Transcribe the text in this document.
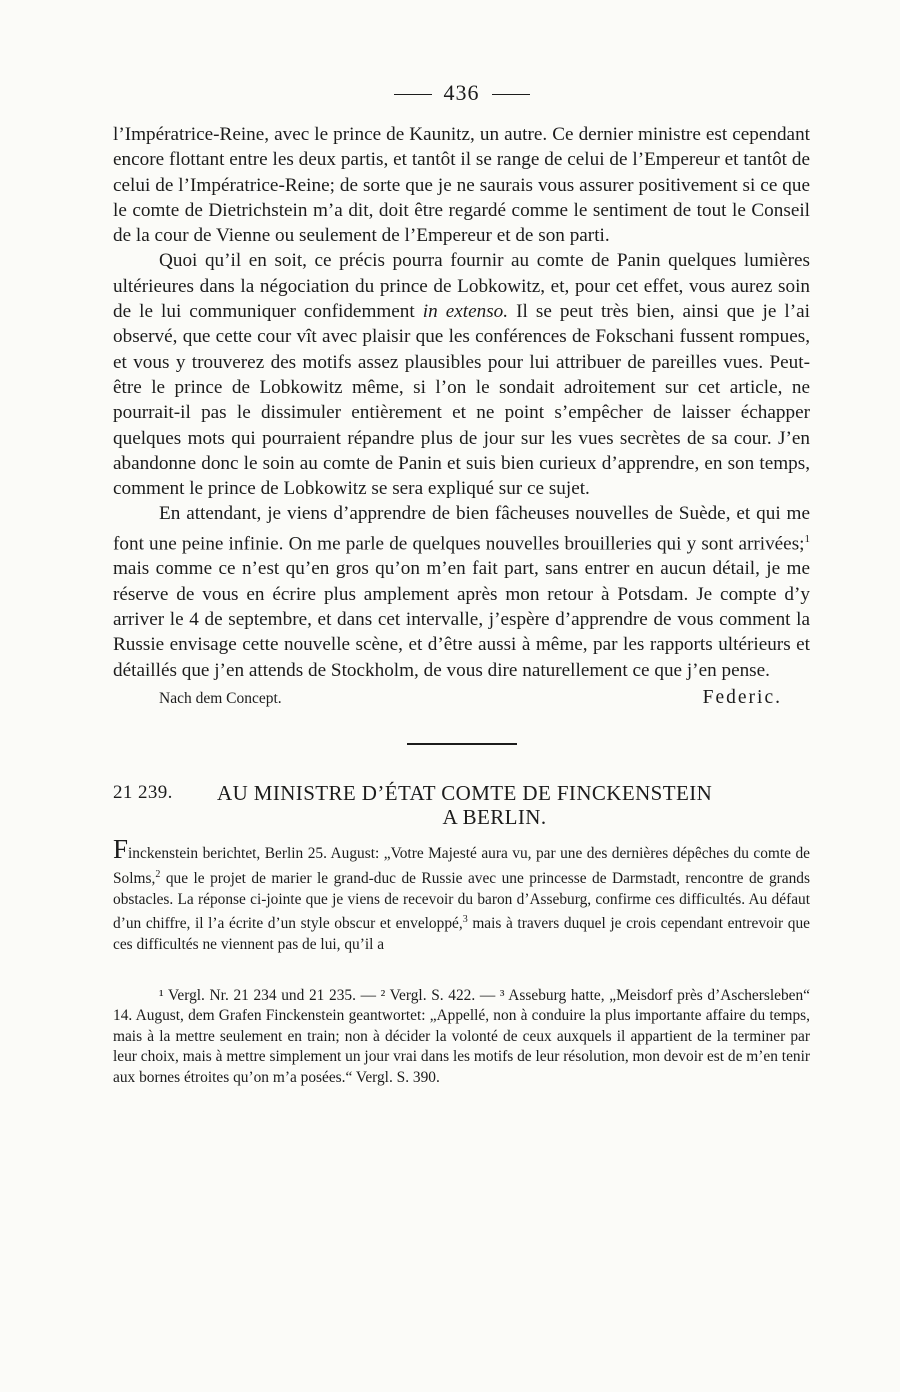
436

l’Impératrice-Reine, avec le prince de Kaunitz, un autre. Ce dernier ministre est cependant encore flottant entre les deux partis, et tantôt il se range de celui de l’Empereur et tantôt de celui de l’Impératrice-Reine; de sorte que je ne saurais vous assurer positivement si ce que le comte de Dietrichstein m’a dit, doit être regardé comme le sentiment de tout le Conseil de la cour de Vienne ou seulement de l’Empereur et de son parti.

Quoi qu’il en soit, ce précis pourra fournir au comte de Panin quelques lumières ultérieures dans la négociation du prince de Lobkowitz, et, pour cet effet, vous aurez soin de le lui communiquer confidemment in extenso. Il se peut très bien, ainsi que je l’ai observé, que cette cour vît avec plaisir que les conférences de Fokschani fussent rompues, et vous y trouverez des motifs assez plausibles pour lui attribuer de pareilles vues. Peut-être le prince de Lobkowitz même, si l’on le sondait adroitement sur cet article, ne pourrait-il pas le dissimuler entièrement et ne point s’empêcher de laisser échapper quelques mots qui pourraient répandre plus de jour sur les vues secrètes de sa cour. J’en abandonne donc le soin au comte de Panin et suis bien curieux d’apprendre, en son temps, comment le prince de Lobkowitz se sera expliqué sur ce sujet.

En attendant, je viens d’apprendre de bien fâcheuses nouvelles de Suède, et qui me font une peine infinie. On me parle de quelques nouvelles brouilleries qui y sont arrivées;$^1$ mais comme ce n’est qu’en gros qu’on m’en fait part, sans entrer en aucun détail, je me réserve de vous en écrire plus amplement après mon retour à Potsdam. Je compte d’y arriver le 4 de septembre, et dans cet intervalle, j’espère d’apprendre de vous comment la Russie envisage cette nouvelle scène, et d’être aussi à même, par les rapports ultérieurs et détaillés que j’en attends de Stockholm, de vous dire naturellement ce que j’en pense.

Nach dem Concept.	Federic.
21 239.	AU MINISTRE D’ÉTAT COMTE DE FINCKENSTEIN
A BERLIN.

Finckenstein berichtet, Berlin 25. August: „Votre Majesté aura vu, par une des dernières dépêches du comte de Solms,$^2$ que le projet de marier le grand-duc de Russie avec une princesse de Darmstadt, rencontre de grands obstacles. La réponse ci-jointe que je viens de recevoir du baron d’Asseburg, confirme ces difficultés. Au défaut d’un chiffre, il l’a écrite d’un style obscur et enveloppé,$^3$ mais à travers duquel je crois cependant entrevoir que ces difficultés ne viennent pas de lui, qu’il a

¹ Vergl. Nr. 21 234 und 21 235. — ² Vergl. S. 422. — ³ Asseburg hatte, „Meisdorf près d’Aschersleben“ 14. August, dem Grafen Finckenstein geantwortet: „Appellé, non à conduire la plus importante affaire du temps, mais à la mettre seulement en train; non à décider la volonté de ceux auxquels il appartient de la terminer par leur choix, mais à mettre simplement un jour vrai dans les motifs de leur résolution, mon devoir est de m’en tenir aux bornes étroites qu’on m’a posées.“ Vergl. S. 390.
